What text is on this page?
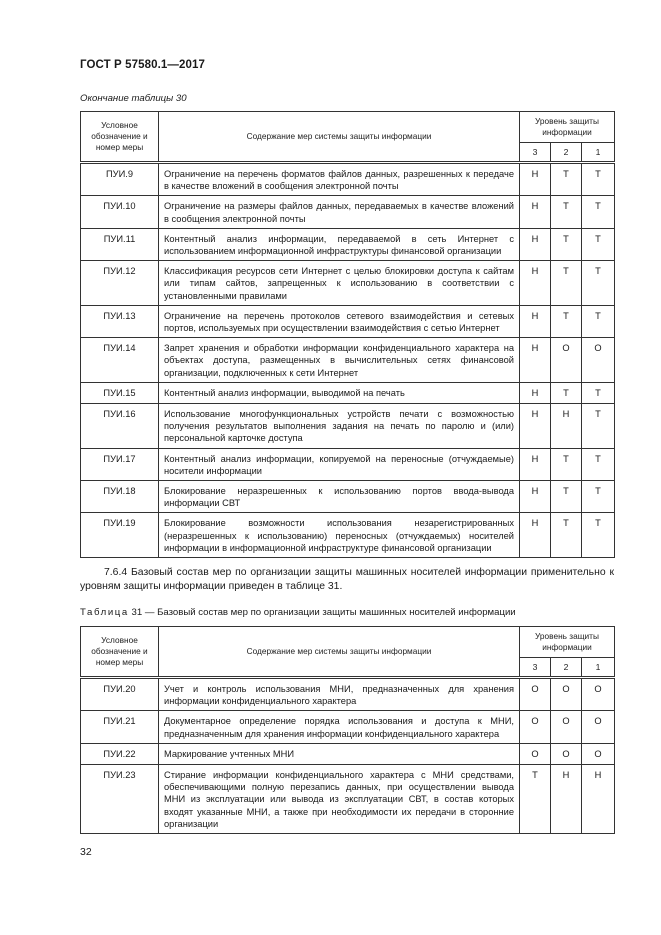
ГОСТ Р 57580.1—2017
Окончание таблицы 30
Условное обозначение и номер меры	Содержание мер системы защиты информации	Уровень защиты информации		
		3	2	1

ПУИ.9	Ограничение на перечень форматов файлов данных, разрешенных к передаче в качестве вложений в сообщения электронной почты	Н	Т	Т
ПУИ.10	Ограничение на размеры файлов данных, передаваемых в качестве вложений в сообщения электронной почты	Н	Т	Т
ПУИ.11	Контентный анализ информации, передаваемой в сеть Интернет с использованием информационной инфраструктуры финансовой организации	Н	Т	Т
ПУИ.12	Классификация ресурсов сети Интернет с целью блокировки доступа к сайтам или типам сайтов, запрещенных к использованию в соответствии с установленными правилами	Н	Т	Т
ПУИ.13	Ограничение на перечень протоколов сетевого взаимодействия и сетевых портов, используемых при осуществлении взаимодействия с сетью Интернет	Н	Т	Т
ПУИ.14	Запрет хранения и обработки информации конфиденциального характера на объектах доступа, размещенных в вычислительных сетях финансовой организации, подключенных к сети Интернет	Н	О	О
ПУИ.15	Контентный анализ информации, выводимой на печать	Н	Т	Т
ПУИ.16	Использование многофункциональных устройств печати с возможностью получения результатов выполнения задания на печать по паролю и (или) персональной карточке доступа	Н	Н	Т
ПУИ.17	Контентный анализ информации, копируемой на переносные (отчуждаемые) носители информации	Н	Т	Т
ПУИ.18	Блокирование неразрешенных к использованию портов ввода-вывода информации СВТ	Н	Т	Т
ПУИ.19	Блокирование возможности использования незарегистрированных (неразрешенных к использованию) переносных (отчуждаемых) носителей информации в информационной инфраструктуре финансовой организации	Н	Т	Т
7.6.4 Базовый состав мер по организации защиты машинных носителей информации применительно к уровням защиты информации приведен в таблице 31.
Таблица 31 — Базовый состав мер по организации защиты машинных носителей информации
Условное обозначение и номер меры	Содержание мер системы защиты информации	Уровень защиты информации		
		3	2	1

ПУИ.20	Учет и контроль использования МНИ, предназначенных для хранения информации конфиденциального характера	О	О	О
ПУИ.21	Документарное определение порядка использования и доступа к МНИ, предназначенным для хранения информации конфиденциального характера	О	О	О
ПУИ.22	Маркирование учтенных МНИ	О	О	О
ПУИ.23	Стирание информации конфиденциального характера с МНИ средствами, обеспечивающими полную перезапись данных, при осуществлении вывода МНИ из эксплуатации или вывода из эксплуатации СВТ, в состав которых входят указанные МНИ, а также при необходимости их передачи в сторонние организации	Т	Н	Н
32
